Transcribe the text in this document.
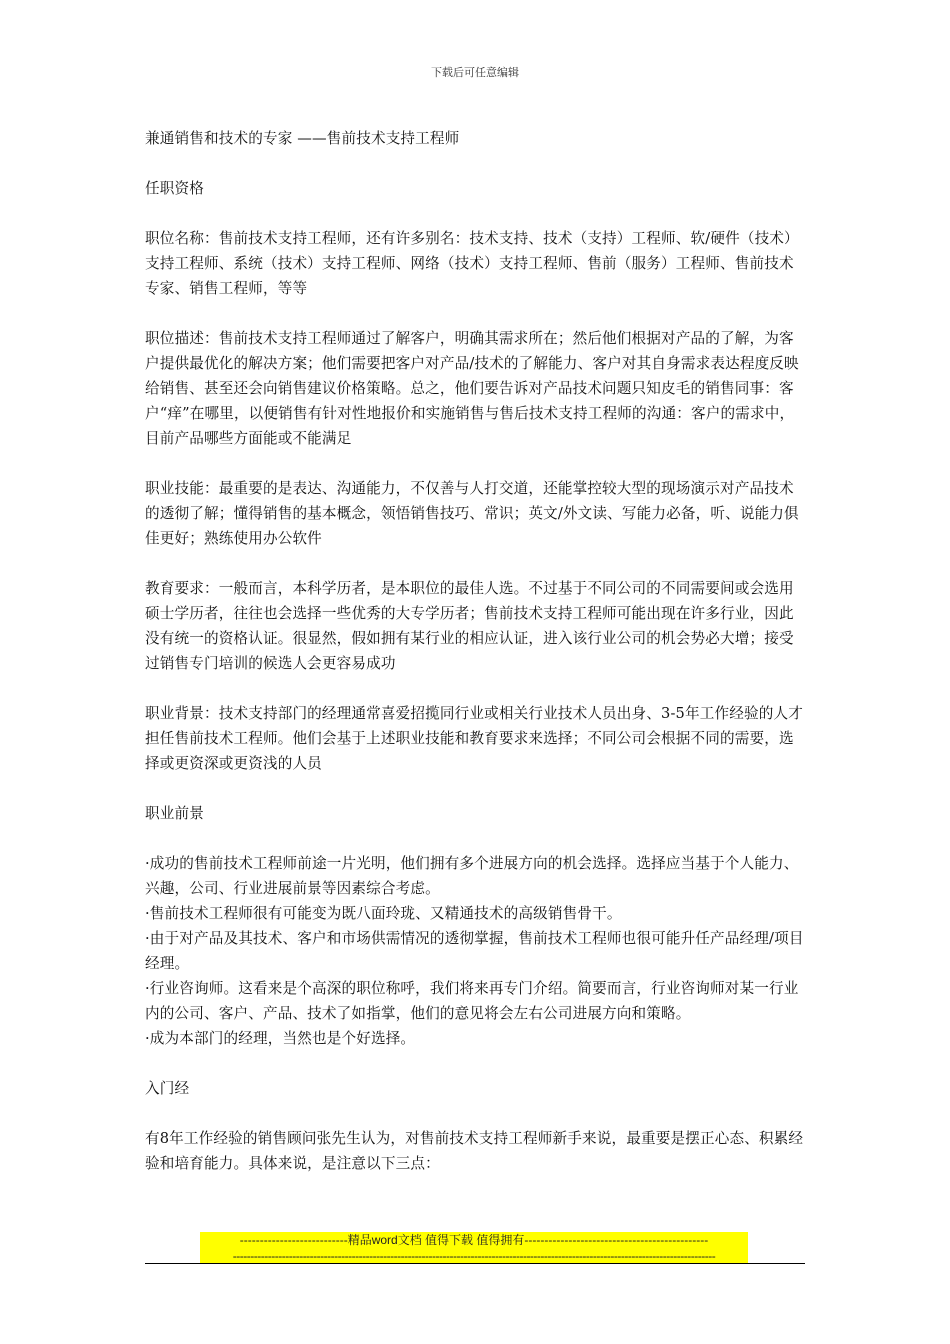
下载后可任意编辑

兼通销售和技术的专家 ——售前技术支持工程师

任职资格

职位名称：售前技术支持工程师，还有许多别名：技术支持、技术（支持）工程师、软/硬件（技术）支持工程师、系统（技术）支持工程师、网络（技术）支持工程师、售前（服务）工程师、售前技术专家、销售工程师，等等

职位描述：售前技术支持工程师通过了解客户，明确其需求所在；然后他们根据对产品的了解，为客户提供最优化的解决方案；他们需要把客户对产品/技术的了解能力、客户对其自身需求表达程度反映给销售、甚至还会向销售建议价格策略。总之，他们要告诉对产品技术问题只知皮毛的销售同事：客户“痒”在哪里，以便销售有针对性地报价和实施销售与售后技术支持工程师的沟通：客户的需求中，目前产品哪些方面能或不能满足

职业技能：最重要的是表达、沟通能力，不仅善与人打交道，还能掌控较大型的现场演示对产品技术的透彻了解；懂得销售的基本概念，领悟销售技巧、常识；英文/外文读、写能力必备，听、说能力俱佳更好；熟练使用办公软件

教育要求：一般而言，本科学历者，是本职位的最佳人选。不过基于不同公司的不同需要间或会选用硕士学历者，往往也会选择一些优秀的大专学历者；售前技术支持工程师可能出现在许多行业，因此没有统一的资格认证。很显然，假如拥有某行业的相应认证，进入该行业公司的机会势必大增；接受过销售专门培训的候选人会更容易成功

职业背景：技术支持部门的经理通常喜爱招揽同行业或相关行业技术人员出身、3-5年工作经验的人才担任售前技术工程师。他们会基于上述职业技能和教育要求来选择；不同公司会根据不同的需要，选择或更资深或更资浅的人员

职业前景

·成功的售前技术工程师前途一片光明，他们拥有多个进展方向的机会选择。选择应当基于个人能力、兴趣，公司、行业进展前景等因素综合考虑。

·售前技术工程师很有可能变为既八面玲珑、又精通技术的高级销售骨干。

·由于对产品及其技术、客户和市场供需情况的透彻掌握，售前技术工程师也很可能升任产品经理/项目经理。

·行业咨询师。这看来是个高深的职位称呼，我们将来再专门介绍。简要而言，行业咨询师对某一行业内的公司、客户、产品、技术了如指掌，他们的意见将会左右公司进展方向和策略。

·成为本部门的经理，当然也是个好选择。

入门经

有8年工作经验的销售顾问张先生认为，对售前技术支持工程师新手来说，最重要是摆正心态、积累经验和培育能力。具体来说，是注意以下三点：

---------------------------精品word文档 值得下载 值得拥有----------------------------------------------
------------------------------------------------------------------------------------------------------------------------------------------
